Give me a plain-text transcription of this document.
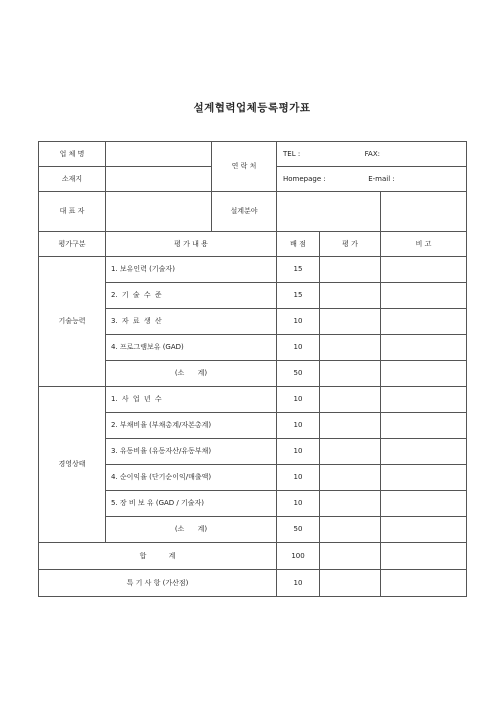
설계협력업체등록평가표
업 체 명		연 락 처	TEL : FAX:		
소재지			Homepage : E-mail :		
대 표 자		설계분야			
평가구분	평 가 내 용		배 점	평 가	비 고
기술능력	1. 보유인력 (기술자)		15		
	2. 기 술 수 준		15		
	3. 자 료 생 산		10		
	4. 프로그램보유 (GAD)		10		
	(소      계)		50		
경영상태	1. 사 업 년 수		10		
	2. 부채비율 (부채총계/자본총계)		10		
	3. 유동비율 (유동자산/유동부채)		10		
	4. 순이익율 (단기순이익/매출액)		10		
	5. 장 비 보 유 (GAD / 기술자)		10		
	(소      계)		50		
합          계			100		
특 기 사 항 (가산점)			10		
